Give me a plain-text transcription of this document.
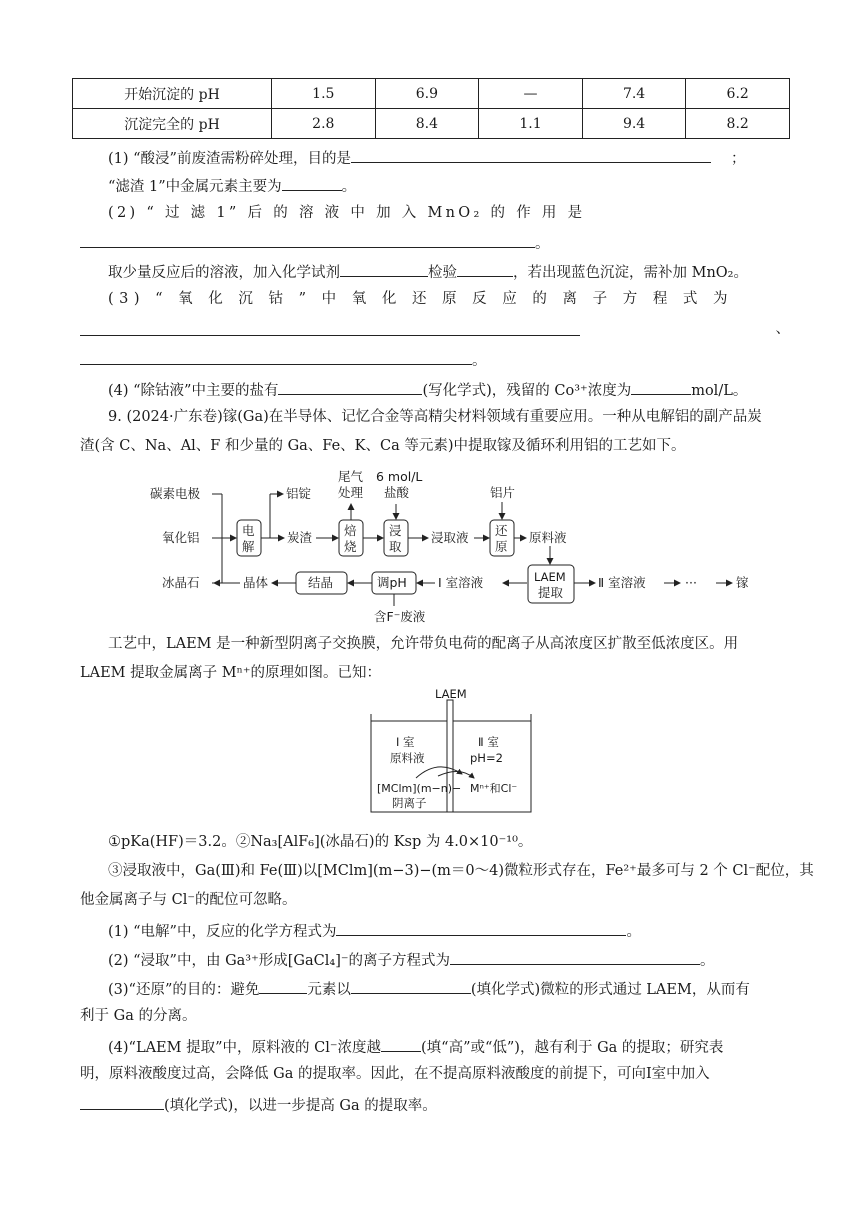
开始沉淀的 pH	1.5	6.9	—	7.4	6.2
沉淀完全的 pH	2.8	8.4	1.1	9.4	8.2
(1) “酸浸”前废渣需粉碎处理，目的是	；
“滤渣 1”中金属元素主要为	。
(2) “ 过 滤 1” 后 的 溶 液 中 加 入 MnO₂ 的 作 用 是
。
取少量反应后的溶液，加入化学试剂	检验	，若出现蓝色沉淀，需补加 MnO₂。
(3) “ 氧 化 沉 钴 ” 中 氧 化 还 原 反 应 的 离 子 方 程 式 为
、
。
(4) “除钴液”中主要的盐有	(写化学式)，残留的 Co³⁺浓度为	mol/L。
9. (2024·广东卷)镓(Ga)在半导体、记忆合金等高精尖材料领域有重要应用。一种从电解铝的副产品炭
渣(含 C、Na、Al、F 和少量的 Ga、Fe、K、Ca 等元素)中提取镓及循环利用铝的工艺如下。
碳素电极
氧化铝
冰晶石
电
解
铝锭
炭渣
尾气
处理
6 mol/L
盐酸
焙
烧
浸
取
浸取液
铝片
还
原
原料液
LAEM
提取
Ⅱ 室溶液	···	镓
Ⅰ 室溶液
调pH
结晶
晶体
含F⁻废液
工艺中，LAEM 是一种新型阴离子交换膜，允许带负电荷的配离子从高浓度区扩散至低浓度区。用
LAEM 提取金属离子 Mⁿ⁺的原理如图。已知：
LAEM
Ⅰ 室
原料液
[MClm](m−n)−
阴离子
Ⅱ 室
pH=2
Mⁿ⁺和Cl⁻
①pKa(HF)＝3.2。②Na₃[AlF₆](冰晶石)的 Ksp 为 4.0×10⁻¹⁰。
③浸取液中，Ga(Ⅲ)和 Fe(Ⅲ)以[MClm](m−3)−(m＝0～4)微粒形式存在，Fe²⁺最多可与 2 个 Cl⁻配位，其
他金属离子与 Cl⁻的配位可忽略。
(1) “电解”中，反应的化学方程式为	。
(2) “浸取”中，由 Ga³⁺形成[GaCl₄]⁻的离子方程式为	。
(3)“还原”的目的：避免	元素以	(填化学式)微粒的形式通过 LAEM，从而有
利于 Ga 的分离。
(4)“LAEM 提取”中，原料液的 Cl⁻浓度越	(填“高”或“低”)，越有利于 Ga 的提取；研究表
明，原料液酸度过高，会降低 Ga 的提取率。因此，在不提高原料液酸度的前提下，可向Ⅰ室中加入
(填化学式)，以进一步提高 Ga 的提取率。
